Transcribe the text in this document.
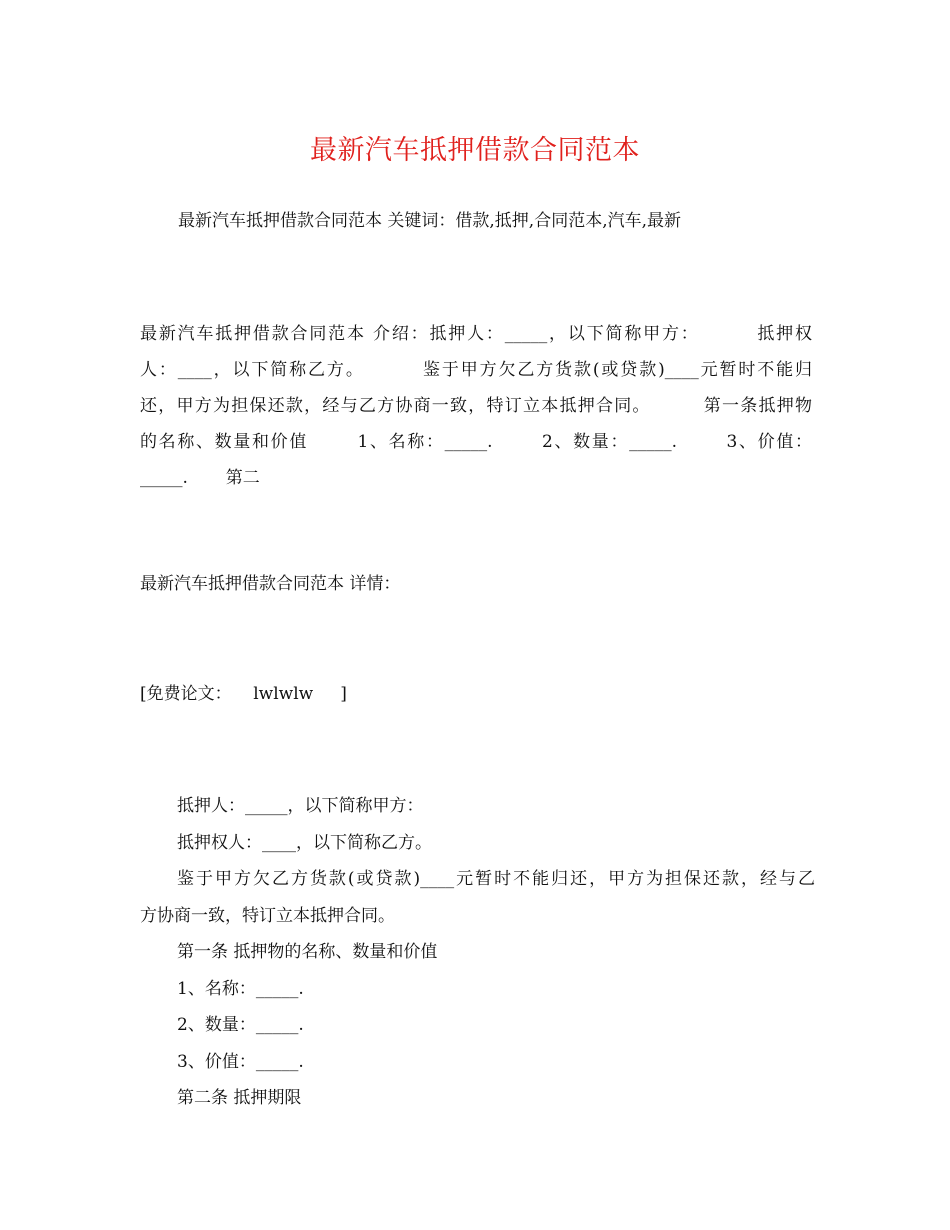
最新汽车抵押借款合同范本
最新汽车抵押借款合同范本 关键词：借款,抵押,合同范本,汽车,最新
最新汽车抵押借款合同范本 介绍：抵押人：_____，以下简称甲方：        抵押权
人：____，以下简称乙方。        鉴于甲方欠乙方货款(或贷款)____元暂时不能归
还，甲方为担保还款，经与乙方协商一致，特订立本抵押合同。        第一条抵押物
的名称、数量和价值       1、名称：_____.       2、数量：_____.       3、价值：
_____.       第二
最新汽车抵押借款合同范本 详情：
[免费论文：    lwlwlw     ]
抵押人：_____，以下简称甲方：
抵押权人：____，以下简称乙方。
鉴于甲方欠乙方货款(或贷款)____元暂时不能归还，甲方为担保还款，经与乙
方协商一致，特订立本抵押合同。
第一条 抵押物的名称、数量和价值
1、名称：_____.
2、数量：_____.
3、价值：_____.
第二条 抵押期限
